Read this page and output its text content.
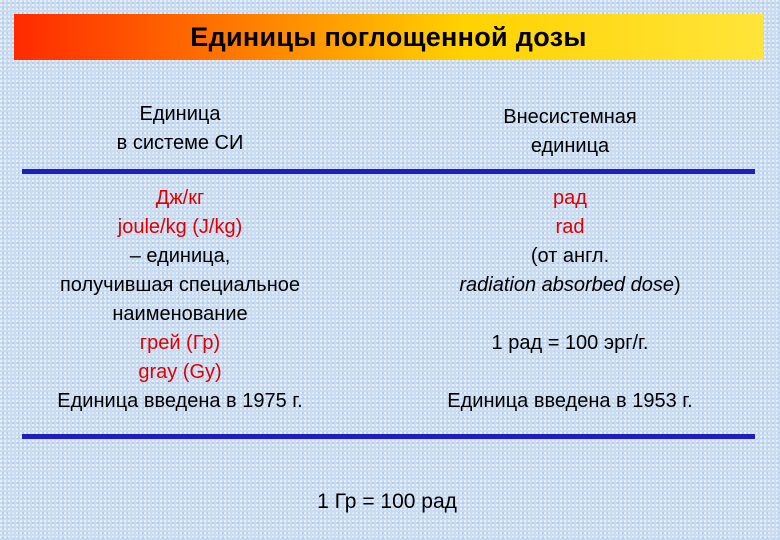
Единицы поглощенной дозы
Единица
в системе СИ
Внесистемная
единица
Дж/кг
joule/kg (J/kg)
– единица,
получившая специальное
наименование
грей (Гр)
gray (Gy)
Единица введена в 1975 г.
рад
rad
(от англ.
radiation absorbed dose)
1 рад = 100 эрг/г.
Единица введена в 1953 г.
1 Гр = 100 рад
